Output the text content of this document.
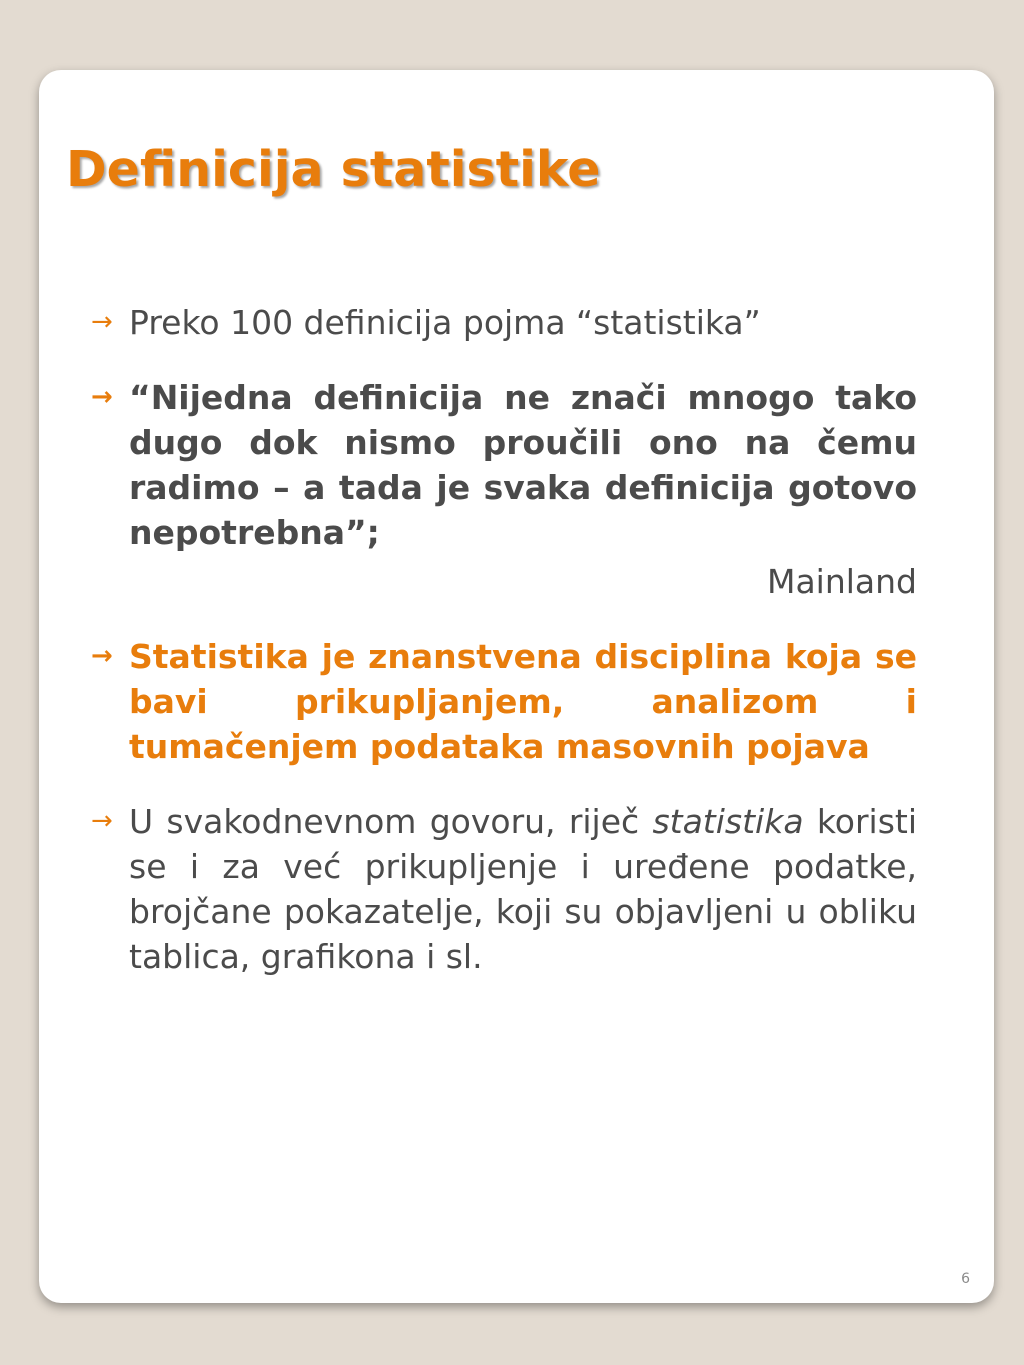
Definicija statistike
→ Preko 100 definicija pojma “statistika”
→ “Nijedna definicija ne znači mnogo tako dugo dok nismo proučili ono na čemu radimo – a tada je svaka definicija gotovo nepotrebna”;
Mainland
→ Statistika je znanstvena disciplina koja se bavi prikupljanjem, analizom i tumačenjem podataka masovnih pojava
→ U svakodnevnom govoru, riječ statistika koristi se i za već prikupljenje i uređene podatke, brojčane pokazatelje, koji su objavljeni u obliku tablica, grafikona i sl.
6
